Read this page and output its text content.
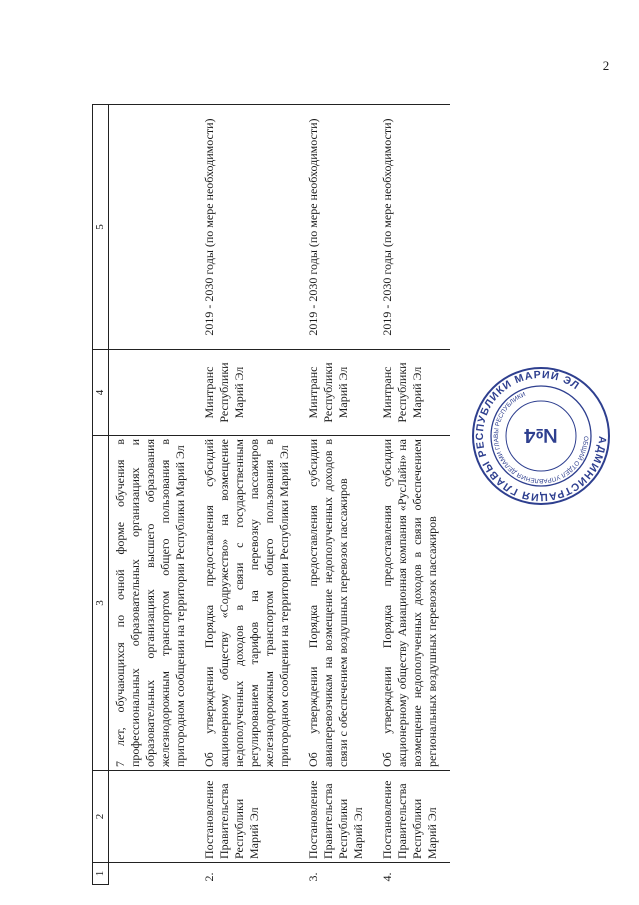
2
1	2	3	4	5
		7 лет, обучающихся по очной форме обучения в профессиональных образовательных организациях и образовательных организациях высшего образования железнодорожным транспортом общего пользования в пригородном сообщении на территории Республики Марий Эл		
2.	Постановление Правительства Республики Марий Эл	Об утверждении Порядка предоставления субсидий акционерному обществу «Содружество» на возмещение недополученных доходов в связи с государственным регулированием тарифов на перевозку пассажиров железнодорожным транспортом общего пользования в пригородном сообщении на территории Республики Марий Эл	Минтранс Республики Марий Эл	2019 - 2030 годы (по мере необходимости)
3.	Постановление Правительства Республики Марий Эл	Об утверждении Порядка предоставления субсидии авиаперевозчикам на возмещение недополученных доходов в связи с обеспечением воздушных перевозок пассажиров	Минтранс Республики Марий Эл	2019 - 2030 годы (по мере необходимости)
4.	Постановление Правительства Республики Марий Эл	Об утверждении Порядка предоставления субсидии акционерному обществу Авиационная компания «РусЛайн» на возмещение недополученных доходов в связи обеспечением региональных воздушных перевозок пассажиров	Минтранс Республики Марий Эл	2019 - 2030 годы (по мере необходимости)
АДМИНИСТРАЦИЯ ГЛАВЫ РЕСПУБЛИКИ МАРИЙ ЭЛ
ОБЩИЙ ОТДЕЛ УПРАВЛЕНИЯ ДЕЛАМИ ГЛАВЫ РЕСПУБЛИКИ
№4
